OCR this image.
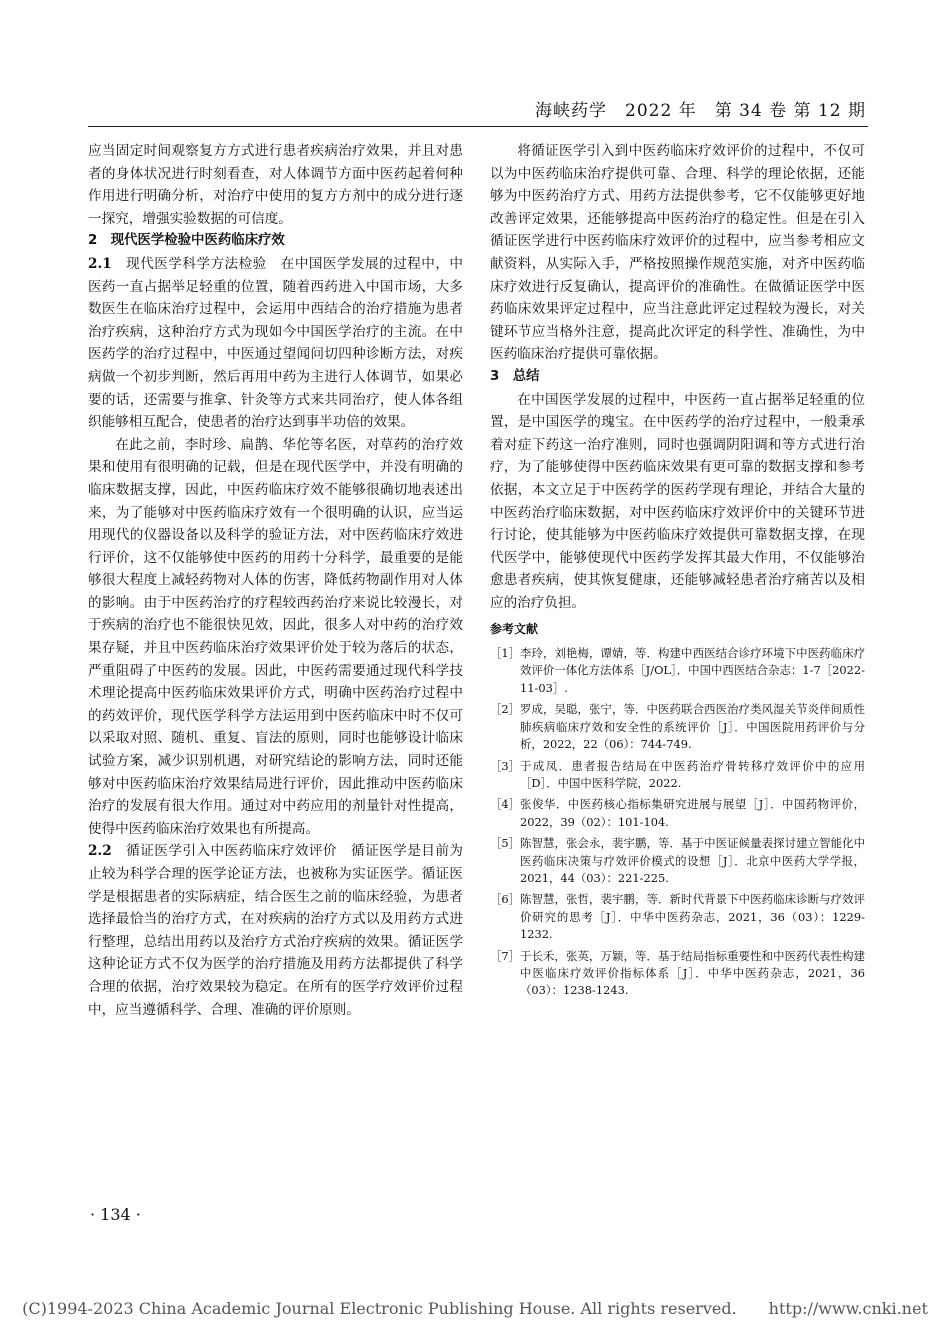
海峡药学　2022 年　第 34 卷 第 12 期

应当固定时间观察复方方式进行患者疾病治疗效果，并且对患者的身体状况进行时刻看查，对人体调节方面中医药起着何种作用进行明确分析，对治疗中使用的复方方剂中的成分进行逐一探究，增强实验数据的可信度。

2　现代医学检验中医药临床疗效

2.1　现代医学科学方法检验　在中国医学发展的过程中，中医药一直占据举足轻重的位置，随着西药进入中国市场，大多数医生在临床治疗过程中，会运用中西结合的治疗措施为患者治疗疾病，这种治疗方式为现如今中国医学治疗的主流。在中医药学的治疗过程中，中医通过望闻问切四种诊断方法，对疾病做一个初步判断，然后再用中药为主进行人体调节，如果必要的话，还需要与推拿、针灸等方式来共同治疗，使人体各组织能够相互配合，使患者的治疗达到事半功倍的效果。

在此之前，李时珍、扁鹊、华佗等名医，对草药的治疗效果和使用有很明确的记载，但是在现代医学中，并没有明确的临床数据支撑，因此，中医药临床疗效不能够很确切地表述出来，为了能够对中医药临床疗效有一个很明确的认识，应当运用现代的仪器设备以及科学的验证方法，对中医药临床疗效进行评价，这不仅能够使中医药的用药十分科学，最重要的是能够很大程度上减轻药物对人体的伤害，降低药物副作用对人体的影响。由于中医药治疗的疗程较西药治疗来说比较漫长，对于疾病的治疗也不能很快见效，因此，很多人对中药的治疗效果存疑，并且中医药临床治疗效果评价处于较为落后的状态，严重阻碍了中医药的发展。因此，中医药需要通过现代科学技术理论提高中医药临床效果评价方式，明确中医药治疗过程中的药效评价，现代医学科学方法运用到中医药临床中时不仅可以采取对照、随机、重复、盲法的原则，同时也能够设计临床试验方案，减少识别机遇，对研究结论的影响方法，同时还能够对中医药临床治疗效果结局进行评价，因此推动中医药临床治疗的发展有很大作用。通过对中药应用的剂量针对性提高，使得中医药临床治疗效果也有所提高。

2.2　循证医学引入中医药临床疗效评价　循证医学是目前为止较为科学合理的医学论证方法，也被称为实证医学。循证医学是根据患者的实际病症，结合医生之前的临床经验，为患者选择最恰当的治疗方式，在对疾病的治疗方式以及用药方式进行整理，总结出用药以及治疗方式治疗疾病的效果。循证医学这种论证方式不仅为医学的治疗措施及用药方法都提供了科学合理的依据，治疗效果较为稳定。在所有的医学疗效评价过程中，应当遵循科学、合理、准确的评价原则。

将循证医学引入到中医药临床疗效评价的过程中，不仅可以为中医药临床治疗提供可靠、合理、科学的理论依据，还能够为中医药治疗方式、用药方法提供参考，它不仅能够更好地改善评定效果，还能够提高中医药治疗的稳定性。但是在引入循证医学进行中医药临床疗效评价的过程中，应当参考相应文献资料，从实际入手，严格按照操作规范实施，对齐中医药临床疗效进行反复确认，提高评价的准确性。在做循证医学中医药临床效果评定过程中，应当注意此评定过程较为漫长，对关键环节应当格外注意，提高此次评定的科学性、准确性，为中医药临床治疗提供可靠依据。

3　总结

在中国医学发展的过程中，中医药一直占据举足轻重的位置，是中国医学的瑰宝。在中医药学的治疗过程中，一般秉承着对症下药这一治疗准则，同时也强调阴阳调和等方式进行治疗，为了能够使得中医药临床效果有更可靠的数据支撑和参考依据，本文立足于中医药学的医药学现有理论，并结合大量的中医药治疗临床数据，对中医药临床疗效评价中的关键环节进行讨论，使其能够为中医药临床疗效提供可靠数据支撑，在现代医学中，能够使现代中医药学发挥其最大作用，不仅能够治愈患者疾病，使其恢复健康，还能够减轻患者治疗痛苦以及相应的治疗负担。

参考文献
［1］ 李玲，刘艳梅，谭婧，等．构建中西医结合诊疗环境下中医药临床疗效评价一体化方法体系［J/OL］．中国中西医结合杂志：1-7［2022-11-03］.
［2］ 罗成，吴聪，张宁，等．中医药联合西医治疗类风湿关节炎伴间质性肺疾病临床疗效和安全性的系统评价［J］．中国医院用药评价与分析，2022，22（06）：744-749.
［3］ 于成凤．患者报告结局在中医药治疗骨转移疗效评价中的应用［D］．中国中医科学院，2022.
［4］ 张俊华．中医药核心指标集研究进展与展望［J］．中国药物评价，2022，39（02）：101-104.
［5］ 陈智慧，张会永，裴宇鹏，等．基于中医证候量表探讨建立智能化中医药临床决策与疗效评价模式的设想［J］．北京中医药大学学报，2021，44（03）：221-225.
［6］ 陈智慧，张哲，裴宇鹏，等．新时代背景下中医药临床诊断与疗效评价研究的思考［J］．中华中医药杂志，2021，36（03）：1229-1232.
［7］ 于长禾，张英，万颖，等．基于结局指标重要性和中医药代表性构建中医临床疗效评价指标体系［J］．中华中医药杂志，2021，36（03）：1238-1243.
· 134 ·
(C)1994-2023 China Academic Journal Electronic Publishing House. All rights reserved.　　http://www.cnki.net
